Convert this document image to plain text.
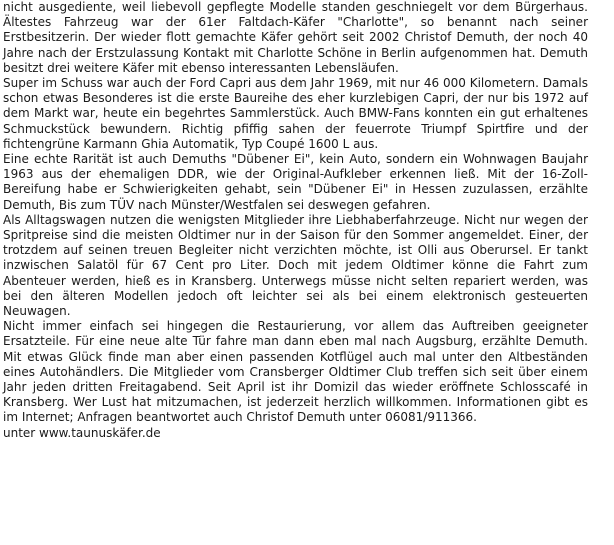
nicht ausgediente, weil liebevoll gepflegte Modelle standen geschniegelt vor dem Bürgerhaus. Ältestes Fahrzeug war der 61er Faltdach-Käfer "Charlotte", so benannt nach seiner Erstbesitzerin. Der wieder flott gemachte Käfer gehört seit 2002 Christof Demuth, der noch 40 Jahre nach der Erstzulassung Kontakt mit Charlotte Schöne in Berlin aufgenommen hat. Demuth besitzt drei weitere Käfer mit ebenso interessanten Lebensläufen.

Super im Schuss war auch der Ford Capri aus dem Jahr 1969, mit nur 46 000 Kilometern. Damals schon etwas Besonderes ist die erste Baureihe des eher kurzlebigen Capri, der nur bis 1972 auf dem Markt war, heute ein begehrtes Sammlerstück. Auch BMW-Fans konnten ein gut erhaltenes Schmuckstück bewundern. Richtig pfiffig sahen der feuerrote Triumpf Spirtfire und der fichtengrüne Karmann Ghia Automatik, Typ Coupé 1600 L aus.

Eine echte Rarität ist auch Demuths "Dübener Ei", kein Auto, sondern ein Wohnwagen Baujahr 1963 aus der ehemaligen DDR, wie der Original-Aufkleber erkennen ließ. Mit der 16-Zoll-Bereifung habe er Schwierigkeiten gehabt, sein "Dübener Ei" in Hessen zuzulassen, erzählte Demuth, Bis zum TÜV nach Münster/Westfalen sei deswegen gefahren.

Als Alltagswagen nutzen die wenigsten Mitglieder ihre Liebhaberfahrzeuge. Nicht nur wegen der Spritpreise sind die meisten Oldtimer nur in der Saison für den Sommer angemeldet. Einer, der trotzdem auf seinen treuen Begleiter nicht verzichten möchte, ist Olli aus Oberursel. Er tankt inzwischen Salatöl für 67 Cent pro Liter. Doch mit jedem Oldtimer könne die Fahrt zum Abenteuer werden, hieß es in Kransberg. Unterwegs müsse nicht selten repariert werden, was bei den älteren Modellen jedoch oft leichter sei als bei einem elektronisch gesteuerten Neuwagen.

Nicht immer einfach sei hingegen die Restaurierung, vor allem das Auftreiben geeigneter Ersatzteile. Für eine neue alte Tür fahre man dann eben mal nach Augsburg, erzählte Demuth. Mit etwas Glück finde man aber einen passenden Kotflügel auch mal unter den Altbeständen eines Autohändlers. Die Mitglieder vom Cransberger Oldtimer Club treffen sich seit über einem Jahr jeden dritten Freitagabend. Seit April ist ihr Domizil das wieder eröffnete Schlosscafé in Kransberg. Wer Lust hat mitzumachen, ist jederzeit herzlich willkommen. Informationen gibt es im Internet; Anfragen beantwortet auch Christof Demuth unter 06081/911366.

unter www.taunuskäfer.de
